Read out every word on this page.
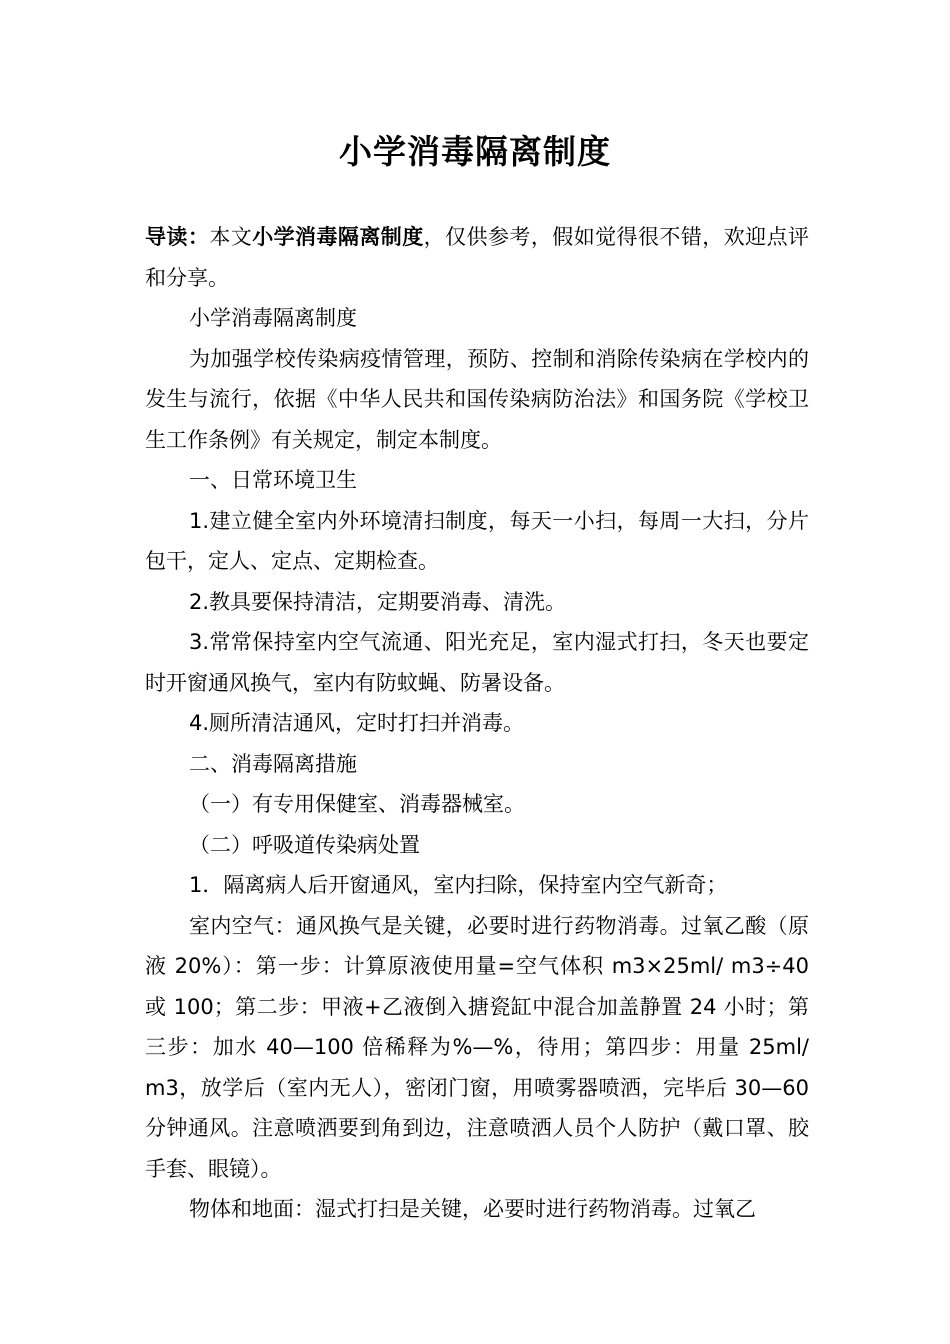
小学消毒隔离制度

导读：本文小学消毒隔离制度，仅供参考，假如觉得很不错，欢迎点评和分享。

小学消毒隔离制度

为加强学校传染病疫情管理，预防、控制和消除传染病在学校内的发生与流行，依据《中华人民共和国传染病防治法》和国务院《学校卫生工作条例》有关规定，制定本制度。

一、日常环境卫生

1.建立健全室内外环境清扫制度，每天一小扫，每周一大扫，分片包干，定人、定点、定期检查。

2.教具要保持清洁，定期要消毒、清洗。

3.常常保持室内空气流通、阳光充足，室内湿式打扫，冬天也要定时开窗通风换气，室内有防蚊蝇、防暑设备。

4.厕所清洁通风，定时打扫并消毒。

二、消毒隔离措施

（一）有专用保健室、消毒器械室。

（二）呼吸道传染病处置

1．隔离病人后开窗通风，室内扫除，保持室内空气新奇；

室内空气：通风换气是关键，必要时进行药物消毒。过氧乙酸（原液 20%）：第一步：计算原液使用量=空气体积 m3×25ml/ m3÷40 或 100；第二步：甲液+乙液倒入搪瓷缸中混合加盖静置 24 小时；第三步：加水 40—100 倍稀释为%—%，待用；第四步：用量 25ml/ m3，放学后（室内无人），密闭门窗，用喷雾器喷洒，完毕后 30—60 分钟通风。注意喷洒要到角到边，注意喷洒人员个人防护（戴口罩、胶手套、眼镜）。

物体和地面：湿式打扫是关键，必要时进行药物消毒。过氧乙
